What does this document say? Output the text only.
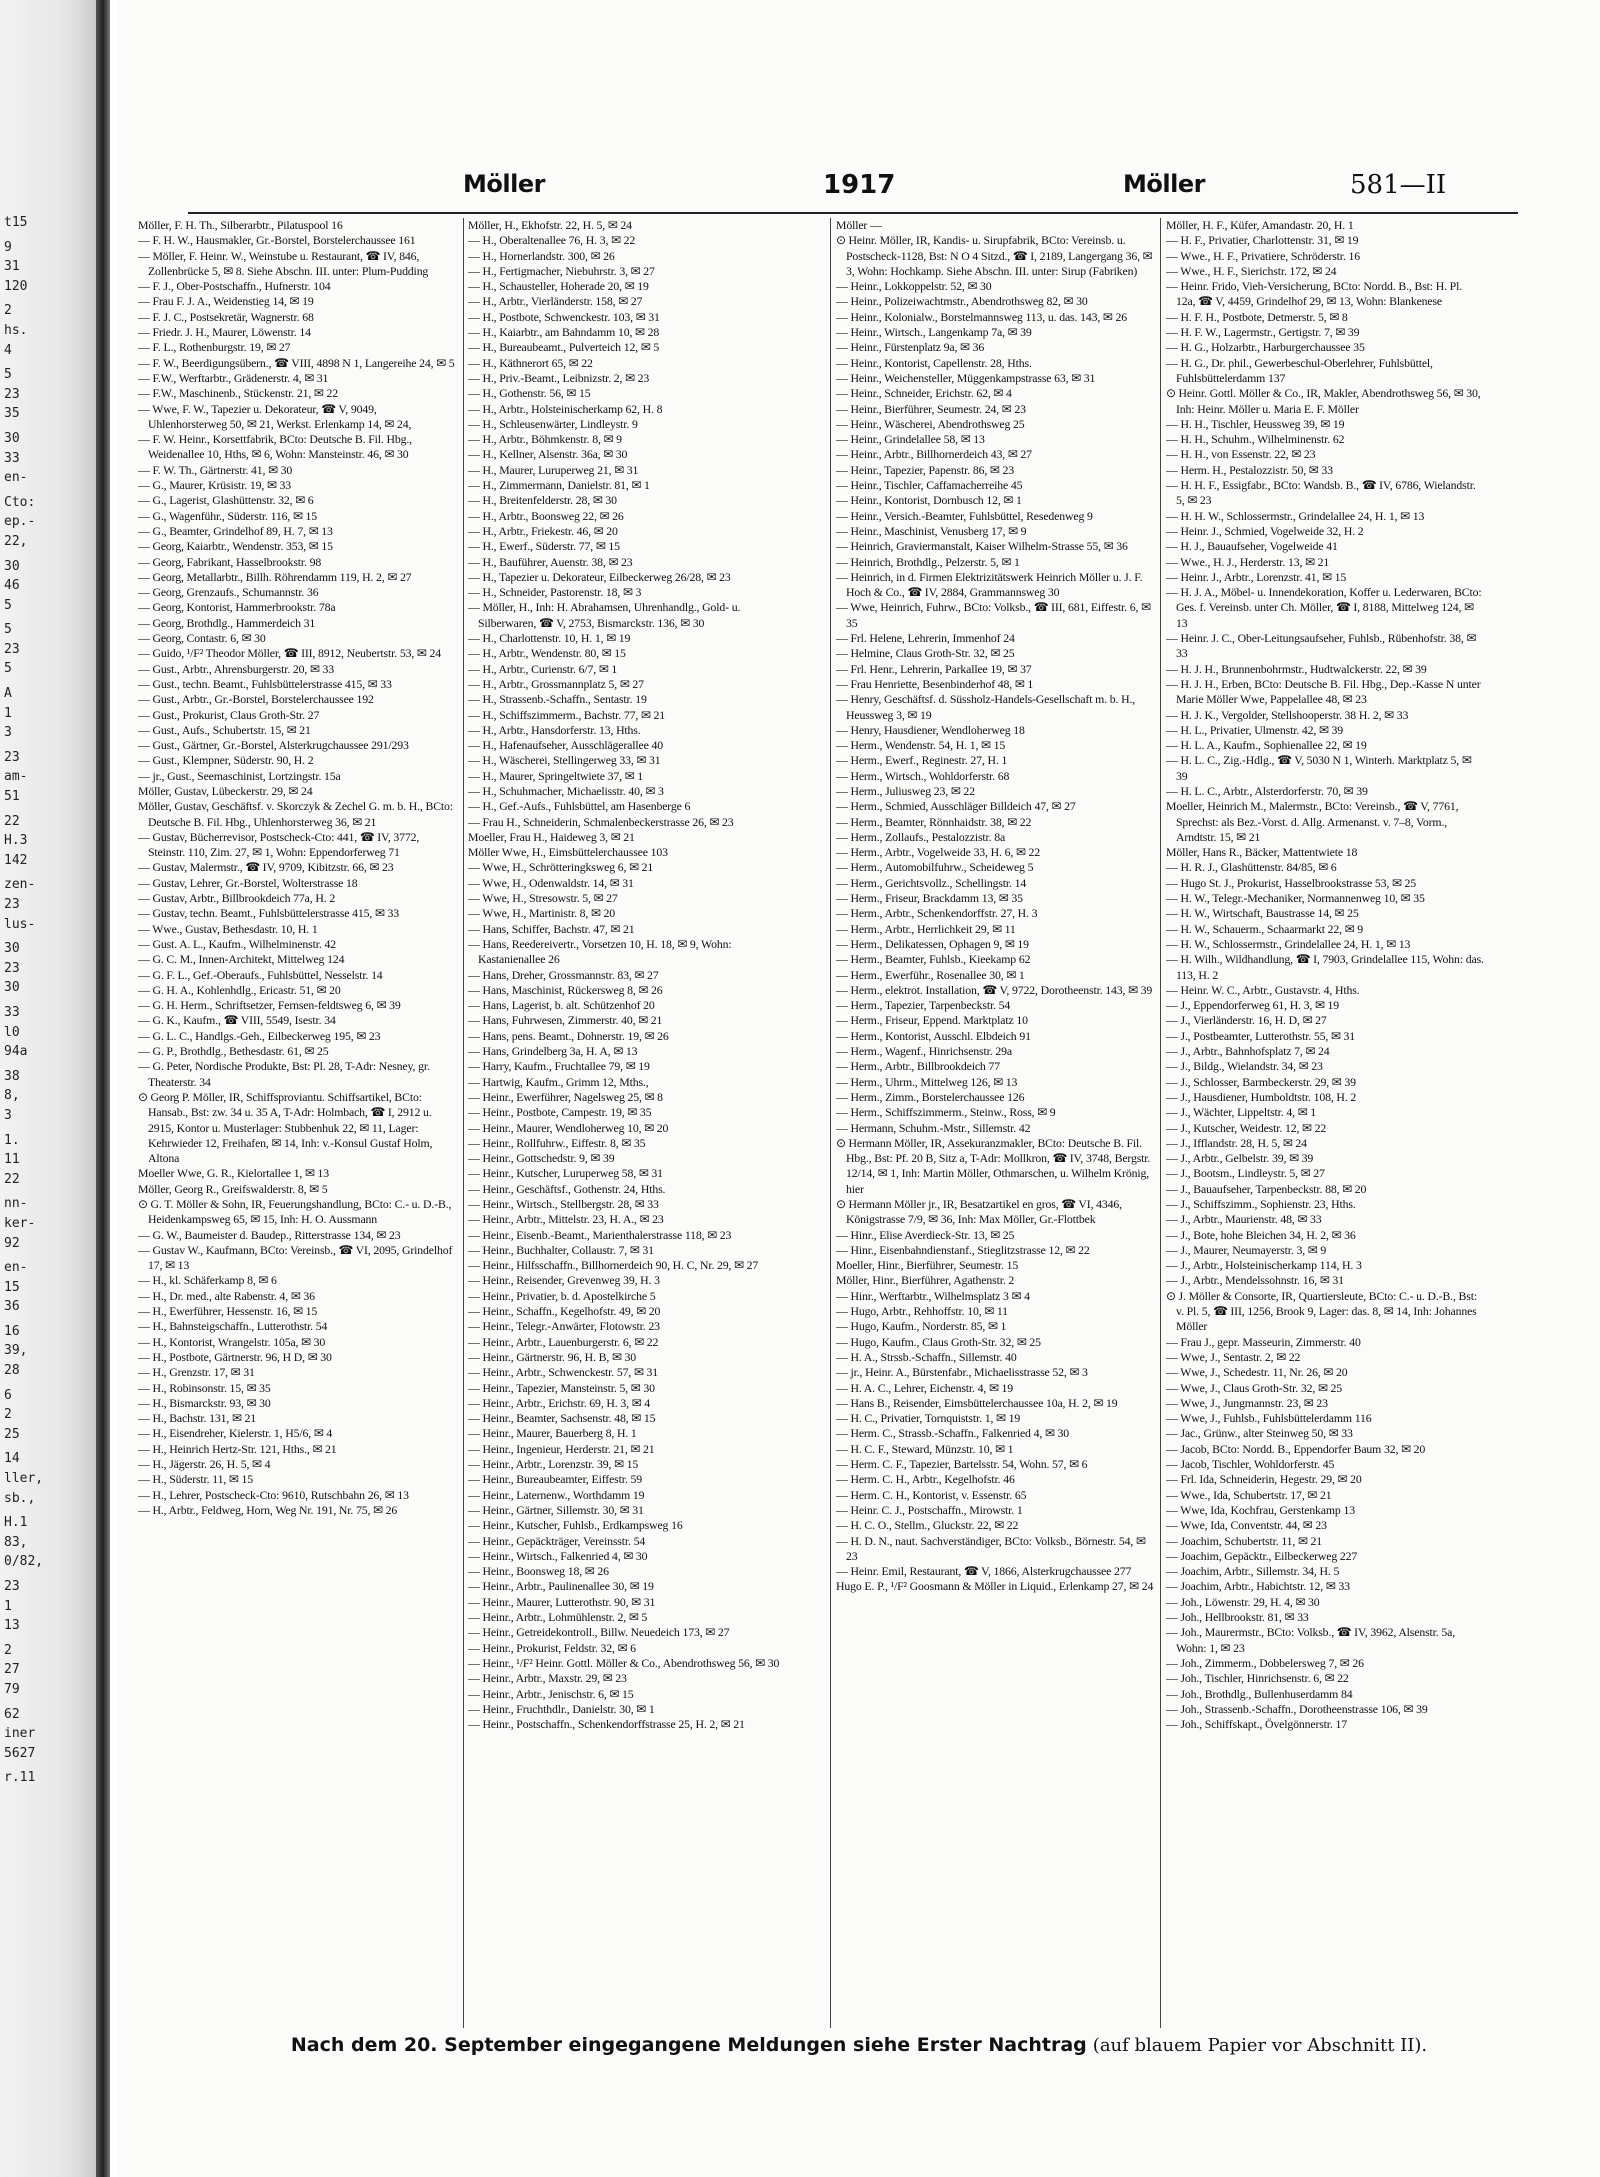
t15
9
31
120
2
hs.
4
5
23
35
30
33
en-
Cto:
ep.-
22,
30
46
5
5
23
5
A
1
3
23
am-
51
22
H.3
142
zen-
23
lus-
30
23
30
33
l0
94a
38
8,
3
1.
11
22
nn-
ker-
92
en-
15
36
16
39,
28
6
2
25
14
ller,
sb.,
H.1
83,
0/82,
23
1
13
2
27
79
62
iner
5627
r.11
Möller	1917	Möller	581—II
Möller, F. H. Th., Silberarbtr., Pilatuspool 16
— F. H. W., Hausmakler, Gr.-Borstel, Borstelerchaussee 161
— Möller, F. Heinr. W., Weinstube u. Restaurant, ☎ IV, 846, Zollenbrücke 5, ✉ 8. Siehe Abschn. III. unter: Plum-Pudding
— F. J., Ober-Postschaffn., Hufnerstr. 104
— Frau F. J. A., Weidenstieg 14, ✉ 19
— F. J. C., Postsekretär, Wagnerstr. 68
— Friedr. J. H., Maurer, Löwenstr. 14
— F. L., Rothenburgstr. 19, ✉ 27
— F. W., Beerdigungsübern., ☎ VIII, 4898 N 1, Langereihe 24, ✉ 5
— F.W., Werftarbtr., Grädenerstr. 4, ✉ 31
— F.W., Maschinenb., Stückenstr. 21, ✉ 22
— Wwe, F. W., Tapezier u. Dekorateur, ☎ V, 9049, Uhlenhorsterweg 50, ✉ 21, Werkst. Erlenkamp 14, ✉ 24,
— F. W. Heinr., Korsettfabrik, BCto: Deutsche B. Fil. Hbg., Weidenallee 10, Hths, ✉ 6, Wohn: Mansteinstr. 46, ✉ 30
— F. W. Th., Gärtnerstr. 41, ✉ 30
— G., Maurer, Krüsistr. 19, ✉ 33
— G., Lagerist, Glashüttenstr. 32, ✉ 6
— G., Wagenführ., Süderstr. 116, ✉ 15
— G., Beamter, Grindelhof 89, H. 7, ✉ 13
— Georg, Kaiarbtr., Wendenstr. 353, ✉ 15
— Georg, Fabrikant, Hasselbrookstr. 98
— Georg, Metallarbtr., Billh. Röhrendamm 119, H. 2, ✉ 27
— Georg, Grenzaufs., Schumannstr. 36
— Georg, Kontorist, Hammerbrookstr. 78a
— Georg, Brothdlg., Hammerdeich 31
— Georg, Contastr. 6, ✉ 30
— Guido, ¹/F² Theodor Möller, ☎ III, 8912, Neubertstr. 53, ✉ 24
— Gust., Arbtr., Ahrensburgerstr. 20, ✉ 33
— Gust., techn. Beamt., Fuhlsbüttelerstrasse 415, ✉ 33
— Gust., Arbtr., Gr.-Borstel, Borstelerchaussee 192
— Gust., Prokurist, Claus Groth-Str. 27
— Gust., Aufs., Schubertstr. 15, ✉ 21
— Gust., Gärtner, Gr.-Borstel, Alsterkrugchaussee 291/293
— Gust., Klempner, Süderstr. 90, H. 2
— jr., Gust., Seemaschinist, Lortzingstr. 15a
Möller, Gustav, Lübeckerstr. 29, ✉ 24
Möller, Gustav, Geschäftsf. v. Skorczyk & Zechel G. m. b. H., BCto: Deutsche B. Fil. Hbg., Uhlenhorsterweg 36, ✉ 21
— Gustav, Bücherrevisor, Postscheck-Cto: 441, ☎ IV, 3772, Steinstr. 110, Zim. 27, ✉ 1, Wohn: Eppendorferweg 71
— Gustav, Malermstr., ☎ IV, 9709, Kibitzstr. 66, ✉ 23
— Gustav, Lehrer, Gr.-Borstel, Wolterstrasse 18
— Gustav, Arbtr., Billbrookdeich 77a, H. 2
— Gustav, techn. Beamt., Fuhlsbüttelerstrasse 415, ✉ 33
— Wwe., Gustav, Bethesdastr. 10, H. 1
— Gust. A. L., Kaufm., Wilhelminenstr. 42
— G. C. M., Innen-Architekt, Mittelweg 124
— G. F. L., Gef.-Oberaufs., Fuhlsbüttel, Nesselstr. 14
— G. H. A., Kohlenhdlg., Ericastr. 51, ✉ 20
— G. H. Herm., Schriftsetzer, Fernsen-feldtsweg 6, ✉ 39
— G. K., Kaufm., ☎ VIII, 5549, Isestr. 34
— G. L. C., Handlgs.-Geh., Eilbeckerweg 195, ✉ 23
— G. P., Brothdlg., Bethesdastr. 61, ✉ 25
— G. Peter, Nordische Produkte, Bst: Pl. 28, T-Adr: Nesney, gr. Theaterstr. 34
⊙ Georg P. Möller, IR, Schiffsproviantu. Schiffsartikel, BCto: Hansab., Bst: zw. 34 u. 35 A, T-Adr: Holmbach, ☎ I, 2912 u. 2915, Kontor u. Musterlager: Stubbenhuk 22, ✉ 11, Lager: Kehrwieder 12, Freihafen, ✉ 14, Inh: v.-Konsul Gustaf Holm, Altona
Moeller Wwe, G. R., Kielortallee 1, ✉ 13
Möller, Georg R., Greifswalderstr. 8, ✉ 5
⊙ G. T. Möller & Sohn, IR, Feuerungshandlung, BCto: C.- u. D.-B., Heidenkampsweg 65, ✉ 15, Inh: H. O. Aussmann
— G. W., Baumeister d. Baudep., Ritterstrasse 134, ✉ 23
— Gustav W., Kaufmann, BCto: Vereinsb., ☎ VI, 2095, Grindelhof 17, ✉ 13
— H., kl. Schäferkamp 8, ✉ 6
— H., Dr. med., alte Rabenstr. 4, ✉ 36
— H., Ewerführer, Hessenstr. 16, ✉ 15
— H., Bahnsteigschaffn., Lutterothstr. 54
— H., Kontorist, Wrangelstr. 105a, ✉ 30
— H., Postbote, Gärtnerstr. 96, H D, ✉ 30
— H., Grenzstr. 17, ✉ 31
— H., Robinsonstr. 15, ✉ 35
— H., Bismarckstr. 93, ✉ 30
— H., Bachstr. 131, ✉ 21
— H., Eisendreher, Kielerstr. 1, H5/6, ✉ 4
— H., Heinrich Hertz-Str. 121, Hths., ✉ 21
— H., Jägerstr. 26, H. 5, ✉ 4
— H., Süderstr. 11, ✉ 15
— H., Lehrer, Postscheck-Cto: 9610, Rutschbahn 26, ✉ 13
— H., Arbtr., Feldweg, Horn, Weg Nr. 191, Nr. 75, ✉ 26
Möller, H., Ekhofstr. 22, H. 5, ✉ 24
— H., Oberaltenallee 76, H. 3, ✉ 22
— H., Hornerlandstr. 300, ✉ 26
— H., Fertigmacher, Niebuhrstr. 3, ✉ 27
— H., Schausteller, Hoherade 20, ✉ 19
— H., Arbtr., Vierländerstr. 158, ✉ 27
— H., Postbote, Schwenckestr. 103, ✉ 31
— H., Kaiarbtr., am Bahndamm 10, ✉ 28
— H., Bureaubeamt., Pulverteich 12, ✉ 5
— H., Käthnerort 65, ✉ 22
— H., Priv.-Beamt., Leibnizstr. 2, ✉ 23
— H., Gothenstr. 56, ✉ 15
— H., Arbtr., Holsteinischerkamp 62, H. 8
— H., Schleusenwärter, Lindleystr. 9
— H., Arbtr., Böhmkenstr. 8, ✉ 9
— H., Kellner, Alsenstr. 36a, ✉ 30
— H., Maurer, Luruperweg 21, ✉ 31
— H., Zimmermann, Danielstr. 81, ✉ 1
— H., Breitenfelderstr. 28, ✉ 30
— H., Arbtr., Boonsweg 22, ✉ 26
— H., Arbtr., Friekestr. 46, ✉ 20
— H., Ewerf., Süderstr. 77, ✉ 15
— H., Bauführer, Auenstr. 38, ✉ 23
— H., Tapezier u. Dekorateur, Eilbeckerweg 26/28, ✉ 23
— H., Schneider, Pastorenstr. 18, ✉ 3
— Möller, H., Inh: H. Abrahamsen, Uhrenhandlg., Gold- u. Silberwaren, ☎ V, 2753, Bismarckstr. 136, ✉ 30
— H., Charlottenstr. 10, H. 1, ✉ 19
— H., Arbtr., Wendenstr. 80, ✉ 15
— H., Arbtr., Curienstr. 6/7, ✉ 1
— H., Arbtr., Grossmannplatz 5, ✉ 27
— H., Strassenb.-Schaffn., Sentastr. 19
— H., Schiffszimmerm., Bachstr. 77, ✉ 21
— H., Arbtr., Hansdorferstr. 13, Hths.
— H., Hafenaufseher, Ausschlägerallee 40
— H., Wäscherei, Stellingerweg 33, ✉ 31
— H., Maurer, Springeltwiete 37, ✉ 1
— H., Schuhmacher, Michaelisstr. 40, ✉ 3
— H., Gef.-Aufs., Fuhlsbüttel, am Hasenberge 6
— Frau H., Schneiderin, Schmalenbeckerstrasse 26, ✉ 23
Moeller, Frau H., Haideweg 3, ✉ 21
Möller Wwe, H., Eimsbüttelerchaussee 103
— Wwe, H., Schrötteringksweg 6, ✉ 21
— Wwe, H., Odenwaldstr. 14, ✉ 31
— Wwe, H., Stresowstr. 5, ✉ 27
— Wwe, H., Martinistr. 8, ✉ 20
— Hans, Schiffer, Bachstr. 47, ✉ 21
— Hans, Reedereivertr., Vorsetzen 10, H. 18, ✉ 9, Wohn: Kastanienallee 26
— Hans, Dreher, Grossmannstr. 83, ✉ 27
— Hans, Maschinist, Rückersweg 8, ✉ 26
— Hans, Lagerist, b. alt. Schützenhof 20
— Hans, Fuhrwesen, Zimmerstr. 40, ✉ 21
— Hans, pens. Beamt., Dohnerstr. 19, ✉ 26
— Hans, Grindelberg 3a, H. A, ✉ 13
— Harry, Kaufm., Fruchtallee 79, ✉ 19
— Hartwig, Kaufm., Grimm 12, Mths.,
— Heinr., Ewerführer, Nagelsweg 25, ✉ 8
— Heinr., Postbote, Campestr. 19, ✉ 35
— Heinr., Maurer, Wendloherweg 10, ✉ 20
— Heinr., Rollfuhrw., Eiffestr. 8, ✉ 35
— Heinr., Gottschedstr. 9, ✉ 39
— Heinr., Kutscher, Luruperweg 58, ✉ 31
— Heinr., Geschäftsf., Gothenstr. 24, Hths.
— Heinr., Wirtsch., Stellbergstr. 28, ✉ 33
— Heinr., Arbtr., Mittelstr. 23, H. A., ✉ 23
— Heinr., Eisenb.-Beamt., Marienthalerstrasse 118, ✉ 23
— Heinr., Buchhalter, Collaustr. 7, ✉ 31
— Heinr., Hilfsschaffn., Billhornerdeich 90, H. C, Nr. 29, ✉ 27
— Heinr., Reisender, Grevenweg 39, H. 3
— Heinr., Privatier, b. d. Apostelkirche 5
— Heinr., Schaffn., Kegelhofstr. 49, ✉ 20
— Heinr., Telegr.-Anwärter, Flotowstr. 23
— Heinr., Arbtr., Lauenburgerstr. 6, ✉ 22
— Heinr., Gärtnerstr. 96, H. B, ✉ 30
— Heinr., Arbtr., Schwenckestr. 57, ✉ 31
— Heinr., Tapezier, Mansteinstr. 5, ✉ 30
— Heinr., Arbtr., Erichstr. 69, H. 3, ✉ 4
— Heinr., Beamter, Sachsenstr. 48, ✉ 15
— Heinr., Maurer, Bauerberg 8, H. 1
— Heinr., Ingenieur, Herderstr. 21, ✉ 21
— Heinr., Arbtr., Lorenzstr. 39, ✉ 15
— Heinr., Bureaubeamter, Eiffestr. 59
— Heinr., Laternenw., Worthdamm 19
— Heinr., Gärtner, Sillemstr. 30, ✉ 31
— Heinr., Kutscher, Fuhlsb., Erdkampsweg 16
— Heinr., Gepäckträger, Vereinsstr. 54
— Heinr., Wirtsch., Falkenried 4, ✉ 30
— Heinr., Boonsweg 18, ✉ 26
— Heinr., Arbtr., Paulinenallee 30, ✉ 19
— Heinr., Maurer, Lutterothstr. 90, ✉ 31
— Heinr., Arbtr., Lohmühlenstr. 2, ✉ 5
— Heinr., Getreidekontroll., Billw. Neuedeich 173, ✉ 27
— Heinr., Prokurist, Feldstr. 32, ✉ 6
— Heinr., ¹/F² Heinr. Gottl. Möller & Co., Abendrothsweg 56, ✉ 30
— Heinr., Arbtr., Maxstr. 29, ✉ 23
— Heinr., Arbtr., Jenischstr. 6, ✉ 15
— Heinr., Fruchthdlr., Danielstr. 30, ✉ 1
— Heinr., Postschaffn., Schenkendorffstrasse 25, H. 2, ✉ 21
Möller —
⊙ Heinr. Möller, IR, Kandis- u. Sirupfabrik, BCto: Vereinsb. u. Postscheck-1128, Bst: N O 4 Sitzd., ☎ I, 2189, Langergang 36, ✉ 3, Wohn: Hochkamp. Siehe Abschn. III. unter: Sirup (Fabriken)
— Heinr., Lokkoppelstr. 52, ✉ 30
— Heinr., Polizeiwachtmstr., Abendrothsweg 82, ✉ 30
— Heinr., Kolonialw., Borstelmannsweg 113, u. das. 143, ✉ 26
— Heinr., Wirtsch., Langenkamp 7a, ✉ 39
— Heinr., Fürstenplatz 9a, ✉ 36
— Heinr., Kontorist, Capellenstr. 28, Hths.
— Heinr., Weichensteller, Müggenkampstrasse 63, ✉ 31
— Heinr., Schneider, Erichstr. 62, ✉ 4
— Heinr., Bierführer, Seumestr. 24, ✉ 23
— Heinr., Wäscherei, Abendrothsweg 25
— Heinr., Grindelallee 58, ✉ 13
— Heinr., Arbtr., Billhornerdeich 43, ✉ 27
— Heinr., Tapezier, Papenstr. 86, ✉ 23
— Heinr., Tischler, Caffamacherreihe 45
— Heinr., Kontorist, Dornbusch 12, ✉ 1
— Heinr., Versich.-Beamter, Fuhlsbüttel, Resedenweg 9
— Heinr., Maschinist, Venusberg 17, ✉ 9
— Heinrich, Graviermanstalt, Kaiser Wilhelm-Strasse 55, ✉ 36
— Heinrich, Brothdlg., Pelzerstr. 5, ✉ 1
— Heinrich, in d. Firmen Elektrizitätswerk Heinrich Möller u. J. F. Hoch & Co., ☎ IV, 2884, Grammannsweg 30
— Wwe, Heinrich, Fuhrw., BCto: Volksb., ☎ III, 681, Eiffestr. 6, ✉ 35
— Frl. Helene, Lehrerin, Immenhof 24
— Helmine, Claus Groth-Str. 32, ✉ 25
— Frl. Henr., Lehrerin, Parkallee 19, ✉ 37
— Frau Henriette, Besenbinderhof 48, ✉ 1
— Henry, Geschäftsf. d. Süssholz-Handels-Gesellschaft m. b. H., Heussweg 3, ✉ 19
— Henry, Hausdiener, Wendloherweg 18
— Herm., Wendenstr. 54, H. 1, ✉ 15
— Herm., Ewerf., Reginestr. 27, H. 1
— Herm., Wirtsch., Wohldorferstr. 68
— Herm., Juliusweg 23, ✉ 22
— Herm., Schmied, Ausschläger Billdeich 47, ✉ 27
— Herm., Beamter, Rönnhaidstr. 38, ✉ 22
— Herm., Zollaufs., Pestalozzistr. 8a
— Herm., Arbtr., Vogelweide 33, H. 6, ✉ 22
— Herm., Automobilfuhrw., Scheideweg 5
— Herm., Gerichtsvollz., Schellingstr. 14
— Herm., Friseur, Brackdamm 13, ✉ 35
— Herm., Arbtr., Schenkendorffstr. 27, H. 3
— Herm., Arbtr., Herrlichkeit 29, ✉ 11
— Herm., Delikatessen, Ophagen 9, ✉ 19
— Herm., Beamter, Fuhlsb., Kieekamp 62
— Herm., Ewerführ., Rosenallee 30, ✉ 1
— Herm., elektrot. Installation, ☎ V, 9722, Dorotheenstr. 143, ✉ 39
— Herm., Tapezier, Tarpenbeckstr. 54
— Herm., Friseur, Eppend. Marktplatz 10
— Herm., Kontorist, Ausschl. Elbdeich 91
— Herm., Wagenf., Hinrichsenstr. 29a
— Herm., Arbtr., Billbrookdeich 77
— Herm., Uhrm., Mittelweg 126, ✉ 13
— Herm., Zimm., Borstelerchaussee 126
— Herm., Schiffszimmerm., Steinw., Ross, ✉ 9
— Hermann, Schuhm.-Mstr., Sillemstr. 42
⊙ Hermann Möller, IR, Assekuranzmakler, BCto: Deutsche B. Fil. Hbg., Bst: Pf. 20 B, Sitz a, T-Adr: Mollkron, ☎ IV, 3748, Bergstr. 12/14, ✉ 1, Inh: Martin Möller, Othmarschen, u. Wilhelm Krönig, hier
⊙ Hermann Möller jr., IR, Besatzartikel en gros, ☎ VI, 4346, Königstrasse 7/9, ✉ 36, Inh: Max Möller, Gr.-Flottbek
— Hinr., Elise Averdieck-Str. 13, ✉ 25
— Hinr., Eisenbahndienstanf., Stieglitzstrasse 12, ✉ 22
Moeller, Hinr., Bierführer, Seumestr. 15
Möller, Hinr., Bierführer, Agathenstr. 2
— Hinr., Werftarbtr., Wilhelmsplatz 3 ✉ 4
— Hugo, Arbtr., Rehhoffstr. 10, ✉ 11
— Hugo, Kaufm., Norderstr. 85, ✉ 1
— Hugo, Kaufm., Claus Groth-Str. 32, ✉ 25
— H. A., Strssb.-Schaffn., Sillemstr. 40
— jr., Heinr. A., Bürstenfabr., Michaelisstrasse 52, ✉ 3
— H. A. C., Lehrer, Eichenstr. 4, ✉ 19
— Hans B., Reisender, Eimsbüttelerchaussee 10a, H. 2, ✉ 19
— H. C., Privatier, Tornquiststr. 1, ✉ 19
— Herm. C., Strassb.-Schaffn., Falkenried 4, ✉ 30
— H. C. F., Steward, Münzstr. 10, ✉ 1
— Herm. C. F., Tapezier, Bartelsstr. 54, Wohn. 57, ✉ 6
— Herm. C. H., Arbtr., Kegelhofstr. 46
— Herm. C. H., Kontorist, v. Essenstr. 65
— Heinr. C. J., Postschaffn., Mirowstr. 1
— H. C. O., Stellm., Gluckstr. 22, ✉ 22
— H. D. N., naut. Sachverständiger, BCto: Volksb., Börnestr. 54, ✉ 23
— Heinr. Emil, Restaurant, ☎ V, 1866, Alsterkrugchaussee 277
Hugo E. P., ¹/F² Goosmann & Möller in Liquid., Erlenkamp 27, ✉ 24
Möller, H. F., Küfer, Amandastr. 20, H. 1
— H. F., Privatier, Charlottenstr. 31, ✉ 19
— Wwe., H. F., Privatiere, Schröderstr. 16
— Wwe., H. F., Sierichstr. 172, ✉ 24
— Heinr. Frido, Vieh-Versicherung, BCto: Nordd. B., Bst: H. Pl. 12a, ☎ V, 4459, Grindelhof 29, ✉ 13, Wohn: Blankenese
— H. F. H., Postbote, Detmerstr. 5, ✉ 8
— H. F. W., Lagermstr., Gertigstr. 7, ✉ 39
— H. G., Holzarbtr., Harburgerchaussee 35
— H. G., Dr. phil., Gewerbeschul-Oberlehrer, Fuhlsbüttel, Fuhlsbüttelerdamm 137
⊙ Heinr. Gottl. Möller & Co., IR, Makler, Abendrothsweg 56, ✉ 30, Inh: Heinr. Möller u. Maria E. F. Möller
— H. H., Tischler, Heussweg 39, ✉ 19
— H. H., Schuhm., Wilhelminenstr. 62
— H. H., von Essenstr. 22, ✉ 23
— Herm. H., Pestalozzistr. 50, ✉ 33
— H. H. F., Essigfabr., BCto: Wandsb. B., ☎ IV, 6786, Wielandstr. 5, ✉ 23
— H. H. W., Schlossermstr., Grindelallee 24, H. 1, ✉ 13
— Heinr. J., Schmied, Vogelweide 32, H. 2
— H. J., Bauaufseher, Vogelweide 41
— Wwe., H. J., Herderstr. 13, ✉ 21
— Heinr. J., Arbtr., Lorenzstr. 41, ✉ 15
— H. J. A., Möbel- u. Innendekoration, Koffer u. Lederwaren, BCto: Ges. f. Vereinsb. unter Ch. Möller, ☎ I, 8188, Mittelweg 124, ✉ 13
— Heinr. J. C., Ober-Leitungsaufseher, Fuhlsb., Rübenhofstr. 38, ✉ 33
— H. J. H., Brunnenbohrmstr., Hudtwalckerstr. 22, ✉ 39
— H. J. H., Erben, BCto: Deutsche B. Fil. Hbg., Dep.-Kasse N unter Marie Möller Wwe, Pappelallee 48, ✉ 23
— H. J. K., Vergolder, Stellshooperstr. 38 H. 2, ✉ 33
— H. L., Privatier, Ulmenstr. 42, ✉ 39
— H. L. A., Kaufm., Sophienallee 22, ✉ 19
— H. L. C., Zig.-Hdlg., ☎ V, 5030 N 1, Winterh. Marktplatz 5, ✉ 39
— H. L. C., Arbtr., Alsterdorferstr. 70, ✉ 39
Moeller, Heinrich M., Malermstr., BCto: Vereinsb., ☎ V, 7761, Sprechst: als Bez.-Vorst. d. Allg. Armenanst. v. 7–8, Vorm., Arndtstr. 15, ✉ 21
Möller, Hans R., Bäcker, Mattentwiete 18
— H. R. J., Glashüttenstr. 84/85, ✉ 6
— Hugo St. J., Prokurist, Hasselbrookstrasse 53, ✉ 25
— H. W., Telegr.-Mechaniker, Normannenweg 10, ✉ 35
— H. W., Wirtschaft, Baustrasse 14, ✉ 25
— H. W., Schauerm., Schaarmarkt 22, ✉ 9
— H. W., Schlossermstr., Grindelallee 24, H. 1, ✉ 13
— H. Wilh., Wildhandlung, ☎ I, 7903, Grindelallee 115, Wohn: das. 113, H. 2
— Heinr. W. C., Arbtr., Gustavstr. 4, Hths.
— J., Eppendorferweg 61, H. 3, ✉ 19
— J., Vierländerstr. 16, H. D, ✉ 27
— J., Postbeamter, Lutterothstr. 55, ✉ 31
— J., Arbtr., Bahnhofsplatz 7, ✉ 24
— J., Bildg., Wielandstr. 34, ✉ 23
— J., Schlosser, Barmbeckerstr. 29, ✉ 39
— J., Hausdiener, Humboldtstr. 108, H. 2
— J., Wächter, Lippeltstr. 4, ✉ 1
— J., Kutscher, Weidestr. 12, ✉ 22
— J., Ifflandstr. 28, H. 5, ✉ 24
— J., Arbtr., Gelbelstr. 39, ✉ 39
— J., Bootsm., Lindleystr. 5, ✉ 27
— J., Bauaufseher, Tarpenbeckstr. 88, ✉ 20
— J., Schiffszimm., Sophienstr. 23, Hths.
— J., Arbtr., Maurienstr. 48, ✉ 33
— J., Bote, hohe Bleichen 34, H. 2, ✉ 36
— J., Maurer, Neumayerstr. 3, ✉ 9
— J., Arbtr., Holsteinischerkamp 114, H. 3
— J., Arbtr., Mendelssohnstr. 16, ✉ 31
⊙ J. Möller & Consorte, IR, Quartiersleute, BCto: C.- u. D.-B., Bst: v. Pl. 5, ☎ III, 1256, Brook 9, Lager: das. 8, ✉ 14, Inh: Johannes Möller
— Frau J., gepr. Masseurin, Zimmerstr. 40
— Wwe, J., Sentastr. 2, ✉ 22
— Wwe, J., Schedestr. 11, Nr. 26, ✉ 20
— Wwe, J., Claus Groth-Str. 32, ✉ 25
— Wwe, J., Jungmannstr. 23, ✉ 23
— Wwe, J., Fuhlsb., Fuhlsbüttelerdamm 116
— Jac., Grünw., alter Steinweg 50, ✉ 33
— Jacob, BCto: Nordd. B., Eppendorfer Baum 32, ✉ 20
— Jacob, Tischler, Wohldorferstr. 45
— Frl. Ida, Schneiderin, Hegestr. 29, ✉ 20
— Wwe., Ida, Schubertstr. 17, ✉ 21
— Wwe, Ida, Kochfrau, Gerstenkamp 13
— Wwe, Ida, Conventstr. 44, ✉ 23
— Joachim, Schubertstr. 11, ✉ 21
— Joachim, Gepäcktr., Eilbeckerweg 227
— Joachim, Arbtr., Sillemstr. 34, H. 5
— Joachim, Arbtr., Habichtstr. 12, ✉ 33
— Joh., Löwenstr. 29, H. 4, ✉ 30
— Joh., Hellbrookstr. 81, ✉ 33
— Joh., Maurermstr., BCto: Volksb., ☎ IV, 3962, Alsenstr. 5a, Wohn: 1, ✉ 23
— Joh., Zimmerm., Dobbelersweg 7, ✉ 26
— Joh., Tischler, Hinrichsenstr. 6, ✉ 22
— Joh., Brothdlg., Bullenhuserdamm 84
— Joh., Strassenb.-Schaffn., Dorotheenstrasse 106, ✉ 39
— Joh., Schiffskapt., Övelgönnerstr. 17
Nach dem 20. September eingegangene Meldungen siehe Erster Nachtrag (auf blauem Papier vor Abschnitt II).
